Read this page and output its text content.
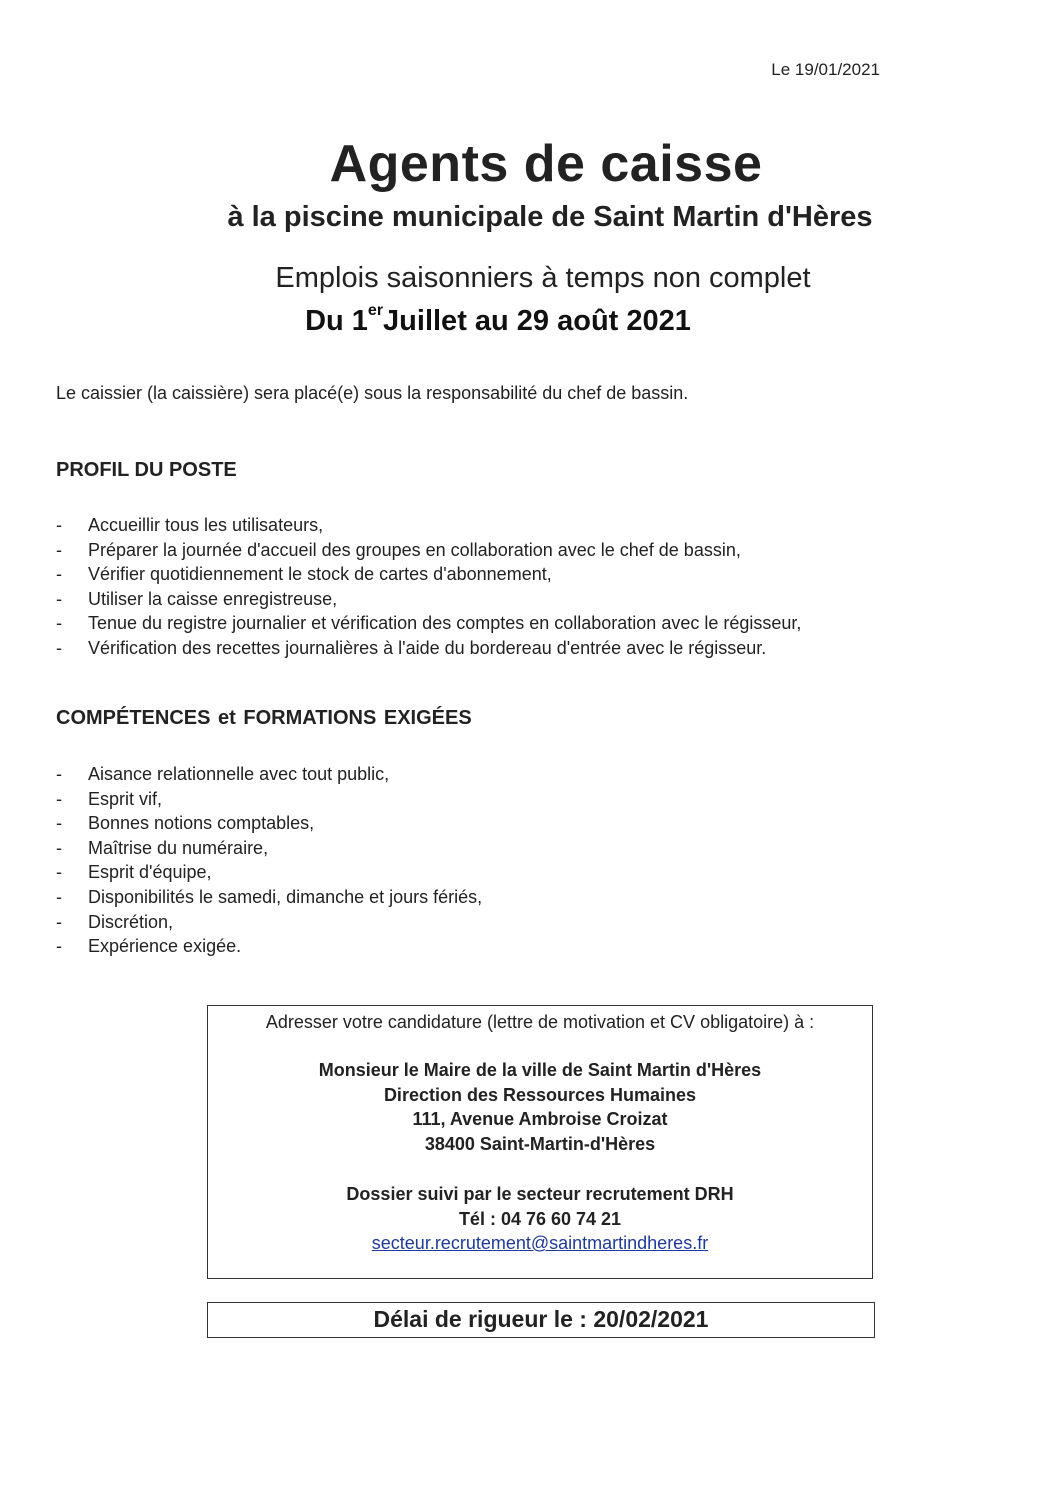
Le 19/01/2021
Agents de caisse
à la piscine municipale de Saint Martin d'Hères
Emplois saisonniers à temps non complet
Du 1erJuillet au 29 août 2021
Le caissier (la caissière) sera placé(e) sous la responsabilité du chef de bassin.
PROFIL DU POSTE
- Accueillir tous les utilisateurs,
- Préparer la journée d'accueil des groupes en collaboration avec le chef de bassin,
- Vérifier quotidiennement le stock de cartes d'abonnement,
- Utiliser la caisse enregistreuse,
- Tenue du registre journalier et vérification des comptes en collaboration avec le régisseur,
- Vérification des recettes journalières à l'aide du bordereau d'entrée avec le régisseur.
COMPÉTENCES et FORMATIONS EXIGÉES
- Aisance relationnelle avec tout public,
- Esprit vif,
- Bonnes notions comptables,
- Maîtrise du numéraire,
- Esprit d'équipe,
- Disponibilités le samedi, dimanche et jours fériés,
- Discrétion,
- Expérience exigée.
Adresser votre candidature (lettre de motivation et CV obligatoire) à :
Monsieur le Maire de la ville de Saint Martin d'Hères
Direction des Ressources Humaines
111, Avenue Ambroise Croizat
38400 Saint-Martin-d'Hères
Dossier suivi par le secteur recrutement DRH
Tél : 04 76 60 74 21
secteur.recrutement@saintmartindheres.fr
Délai de rigueur le : 20/02/2021
